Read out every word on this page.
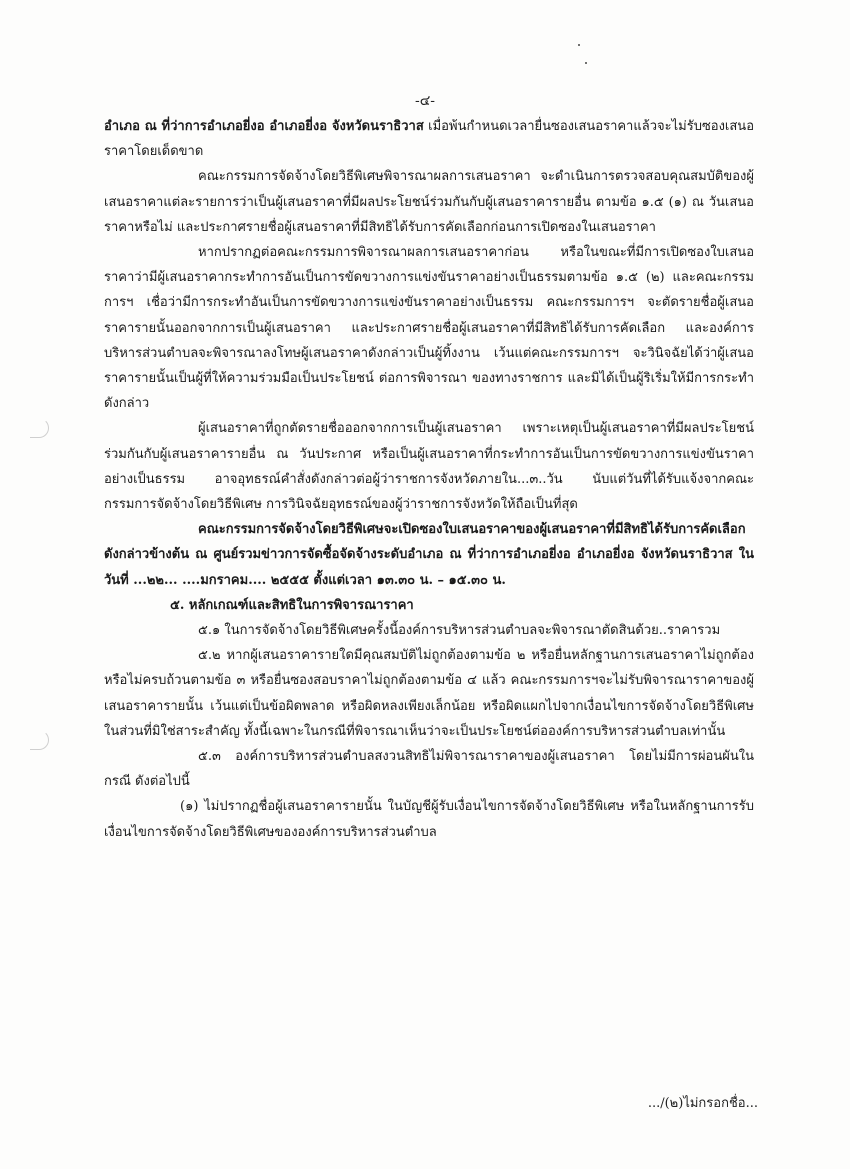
-๔-

อำเภอ ณ ที่ว่าการอำเภอยี่งอ อำเภอยี่งอ จังหวัดนราธิวาส เมื่อพ้นกำหนดเวลายื่นซองเสนอราคาแล้วจะไม่รับซองเสนอราคาโดยเด็ดขาด

คณะกรรมการจัดจ้างโดยวิธีพิเศษพิจารณาผลการเสนอราคา จะดำเนินการตรวจสอบคุณสมบัติของผู้เสนอราคาแต่ละรายการว่าเป็นผู้เสนอราคาที่มีผลประโยชน์ร่วมกันกับผู้เสนอราคารายอื่น ตามข้อ ๑.๕ (๑) ณ วันเสนอราคาหรือไม่ และประกาศรายชื่อผู้เสนอราคาที่มีสิทธิได้รับการคัดเลือกก่อนการเปิดซองในเสนอราคา

หากปรากฏต่อคณะกรรมการพิจารณาผลการเสนอราคาก่อน หรือในขณะที่มีการเปิดซองใบเสนอราคาว่ามีผู้เสนอราคากระทำการอันเป็นการขัดขวางการแข่งขันราคาอย่างเป็นธรรมตามข้อ ๑.๕ (๒) และคณะกรรมการฯ เชื่อว่ามีการกระทำอันเป็นการขัดขวางการแข่งขันราคาอย่างเป็นธรรม คณะกรรมการฯ จะตัดรายชื่อผู้เสนอราคารายนั้นออกจากการเป็นผู้เสนอราคา และประกาศรายชื่อผู้เสนอราคาที่มีสิทธิได้รับการคัดเลือก และองค์การบริหารส่วนตำบลจะพิจารณาลงโทษผู้เสนอราคาดังกล่าวเป็นผู้ทิ้งงาน เว้นแต่คณะกรรมการฯ จะวินิจฉัยได้ว่าผู้เสนอราคารายนั้นเป็นผู้ที่ให้ความร่วมมือเป็นประโยชน์ ต่อการพิจารณา ของทางราชการ และมิได้เป็นผู้ริเริ่มให้มีการกระทำดังกล่าว

ผู้เสนอราคาที่ถูกตัดรายชื่อออกจากการเป็นผู้เสนอราคา เพราะเหตุเป็นผู้เสนอราคาที่มีผลประโยชน์ร่วมกันกับผู้เสนอราคารายอื่น ณ วันประกาศ หรือเป็นผู้เสนอราคาที่กระทำการอันเป็นการขัดขวางการแข่งขันราคาอย่างเป็นธรรม อาจอุทธรณ์คำสั่งดังกล่าวต่อผู้ว่าราชการจังหวัดภายใน...๓..วัน นับแต่วันที่ได้รับแจ้งจากคณะกรรมการจัดจ้างโดยวิธีพิเศษ การวินิจฉัยอุทธรณ์ของผู้ว่าราชการจังหวัดให้ถือเป็นที่สุด

คณะกรรมการจัดจ้างโดยวิธีพิเศษจะเปิดซองใบเสนอราคาของผู้เสนอราคาที่มีสิทธิได้รับการคัดเลือกดังกล่าวข้างต้น ณ ศูนย์รวมข่าวการจัดซื้อจัดจ้างระดับอำเภอ ณ ที่ว่าการอำเภอยี่งอ อำเภอยี่งอ จังหวัดนราธิวาส ในวันที่ ...๒๒... ....มกราคม.... ๒๕๕๕ ตั้งแต่เวลา ๑๓.๓๐ น. – ๑๕.๓๐ น.

๕. หลักเกณฑ์และสิทธิในการพิจารณาราคา

๕.๑ ในการจัดจ้างโดยวิธีพิเศษครั้งนี้องค์การบริหารส่วนตำบลจะพิจารณาตัดสินด้วย..ราคารวม

๕.๒ หากผู้เสนอราคารายใดมีคุณสมบัติไม่ถูกต้องตามข้อ ๒ หรือยื่นหลักฐานการเสนอราคาไม่ถูกต้อง หรือไม่ครบถ้วนตามข้อ ๓ หรือยื่นซองสอบราคาไม่ถูกต้องตามข้อ ๔ แล้ว คณะกรรมการฯจะไม่รับพิจารณาราคาของผู้เสนอราคารายนั้น เว้นแต่เป็นข้อผิดพลาด หรือผิดหลงเพียงเล็กน้อย หรือผิดแผกไปจากเงื่อนไขการจัดจ้างโดยวิธีพิเศษในส่วนที่มิใช่สาระสำคัญ ทั้งนี้เฉพาะในกรณีที่พิจารณาเห็นว่าจะเป็นประโยชน์ต่อองค์การบริหารส่วนตำบลเท่านั้น

๕.๓ องค์การบริหารส่วนตำบลสงวนสิทธิไม่พิจารณาราคาของผู้เสนอราคา โดยไม่มีการผ่อนผันในกรณี ดังต่อไปนี้

(๑) ไม่ปรากฏชื่อผู้เสนอราคารายนั้น ในบัญชีผู้รับเงื่อนไขการจัดจ้างโดยวิธีพิเศษ หรือในหลักฐานการรับเงื่อนไขการจัดจ้างโดยวิธีพิเศษขององค์การบริหารส่วนตำบล

.../(๒)ไม่กรอกชื่อ...
